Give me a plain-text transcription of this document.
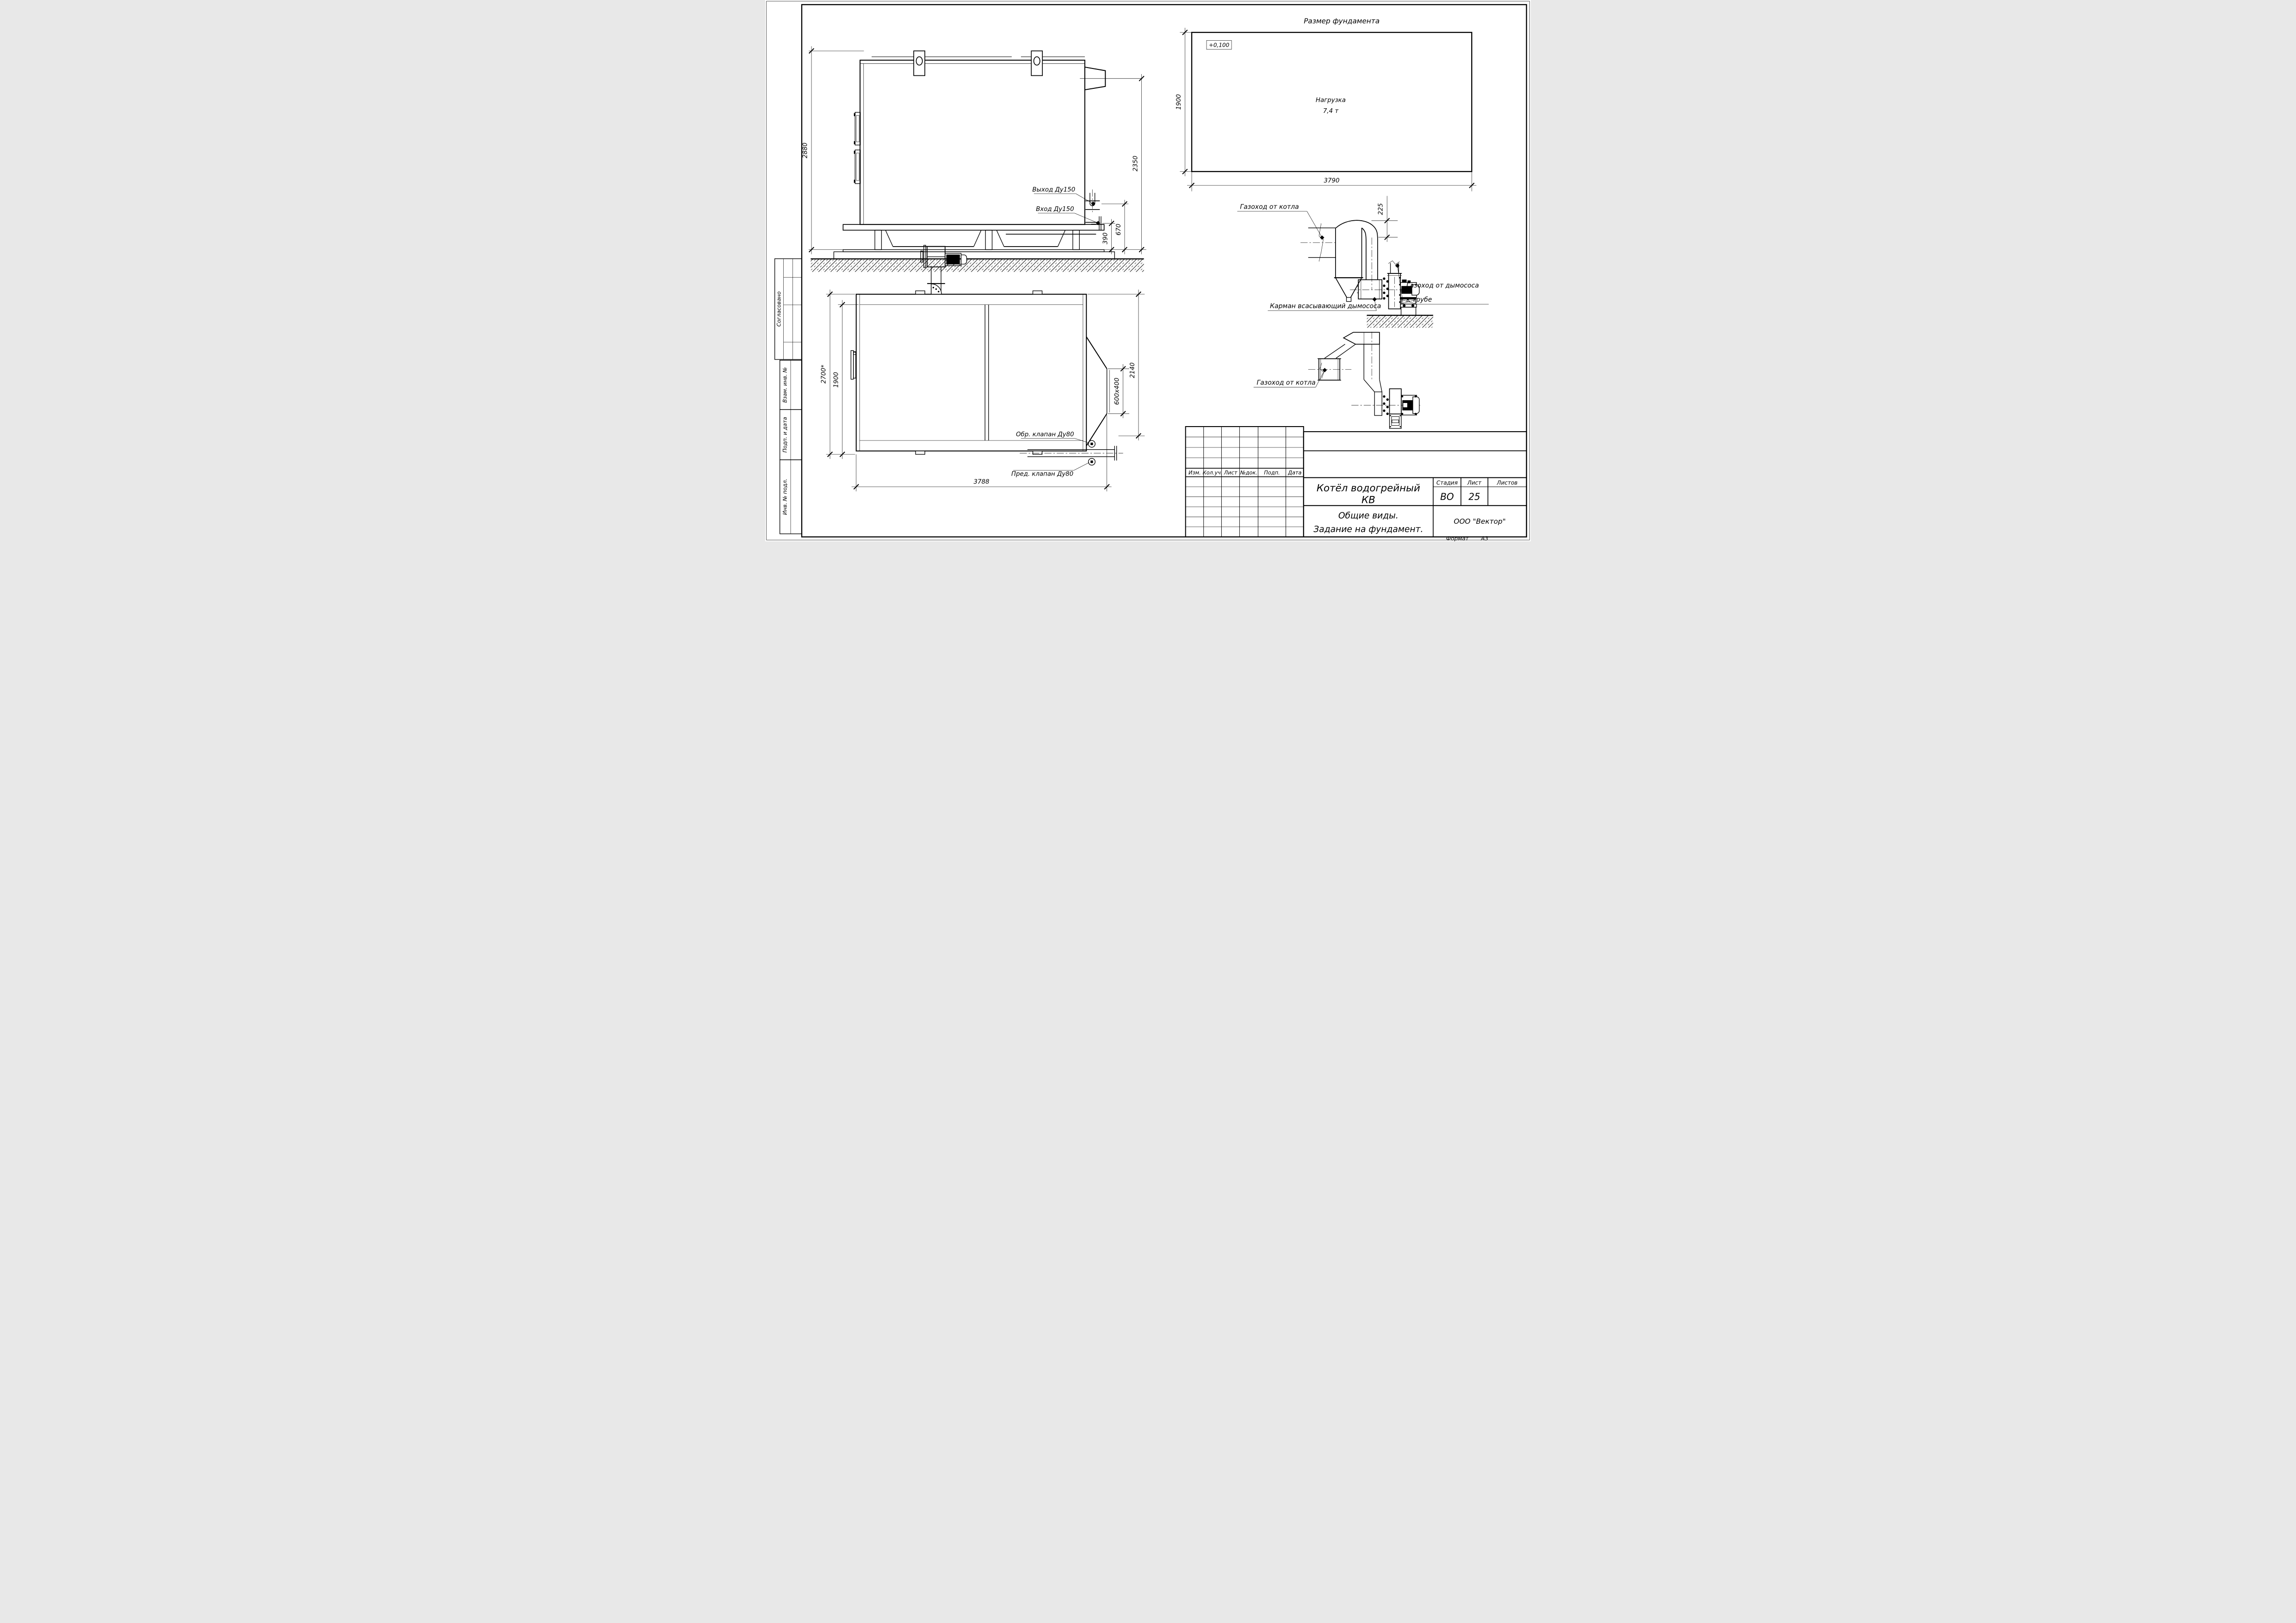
Формат А3
Согласовано
Взам. инв. №
Подп. и дата
Инв. № подл.
Изм. Кол.уч. Лист №док. Подп. Дата
Котёл водогрейный
КВ
Стадия Лист Листов
ВО 25
Общие виды.
Задание на фундамент.
ООО "Вектор"
Размер фундамента
+0,100
Нагрузка
7,4 т
1900
3790
Выход Ду150
Вход Ду150
2880
2350
670
390
Обр. клапан Ду80
Пред. клапан Ду80
2700* 1900	600х400
2140
3788
Газоход от котла	225
Газоход от дымососа
к трубе
Карман всасывающий дымососа
Газоход от котла
